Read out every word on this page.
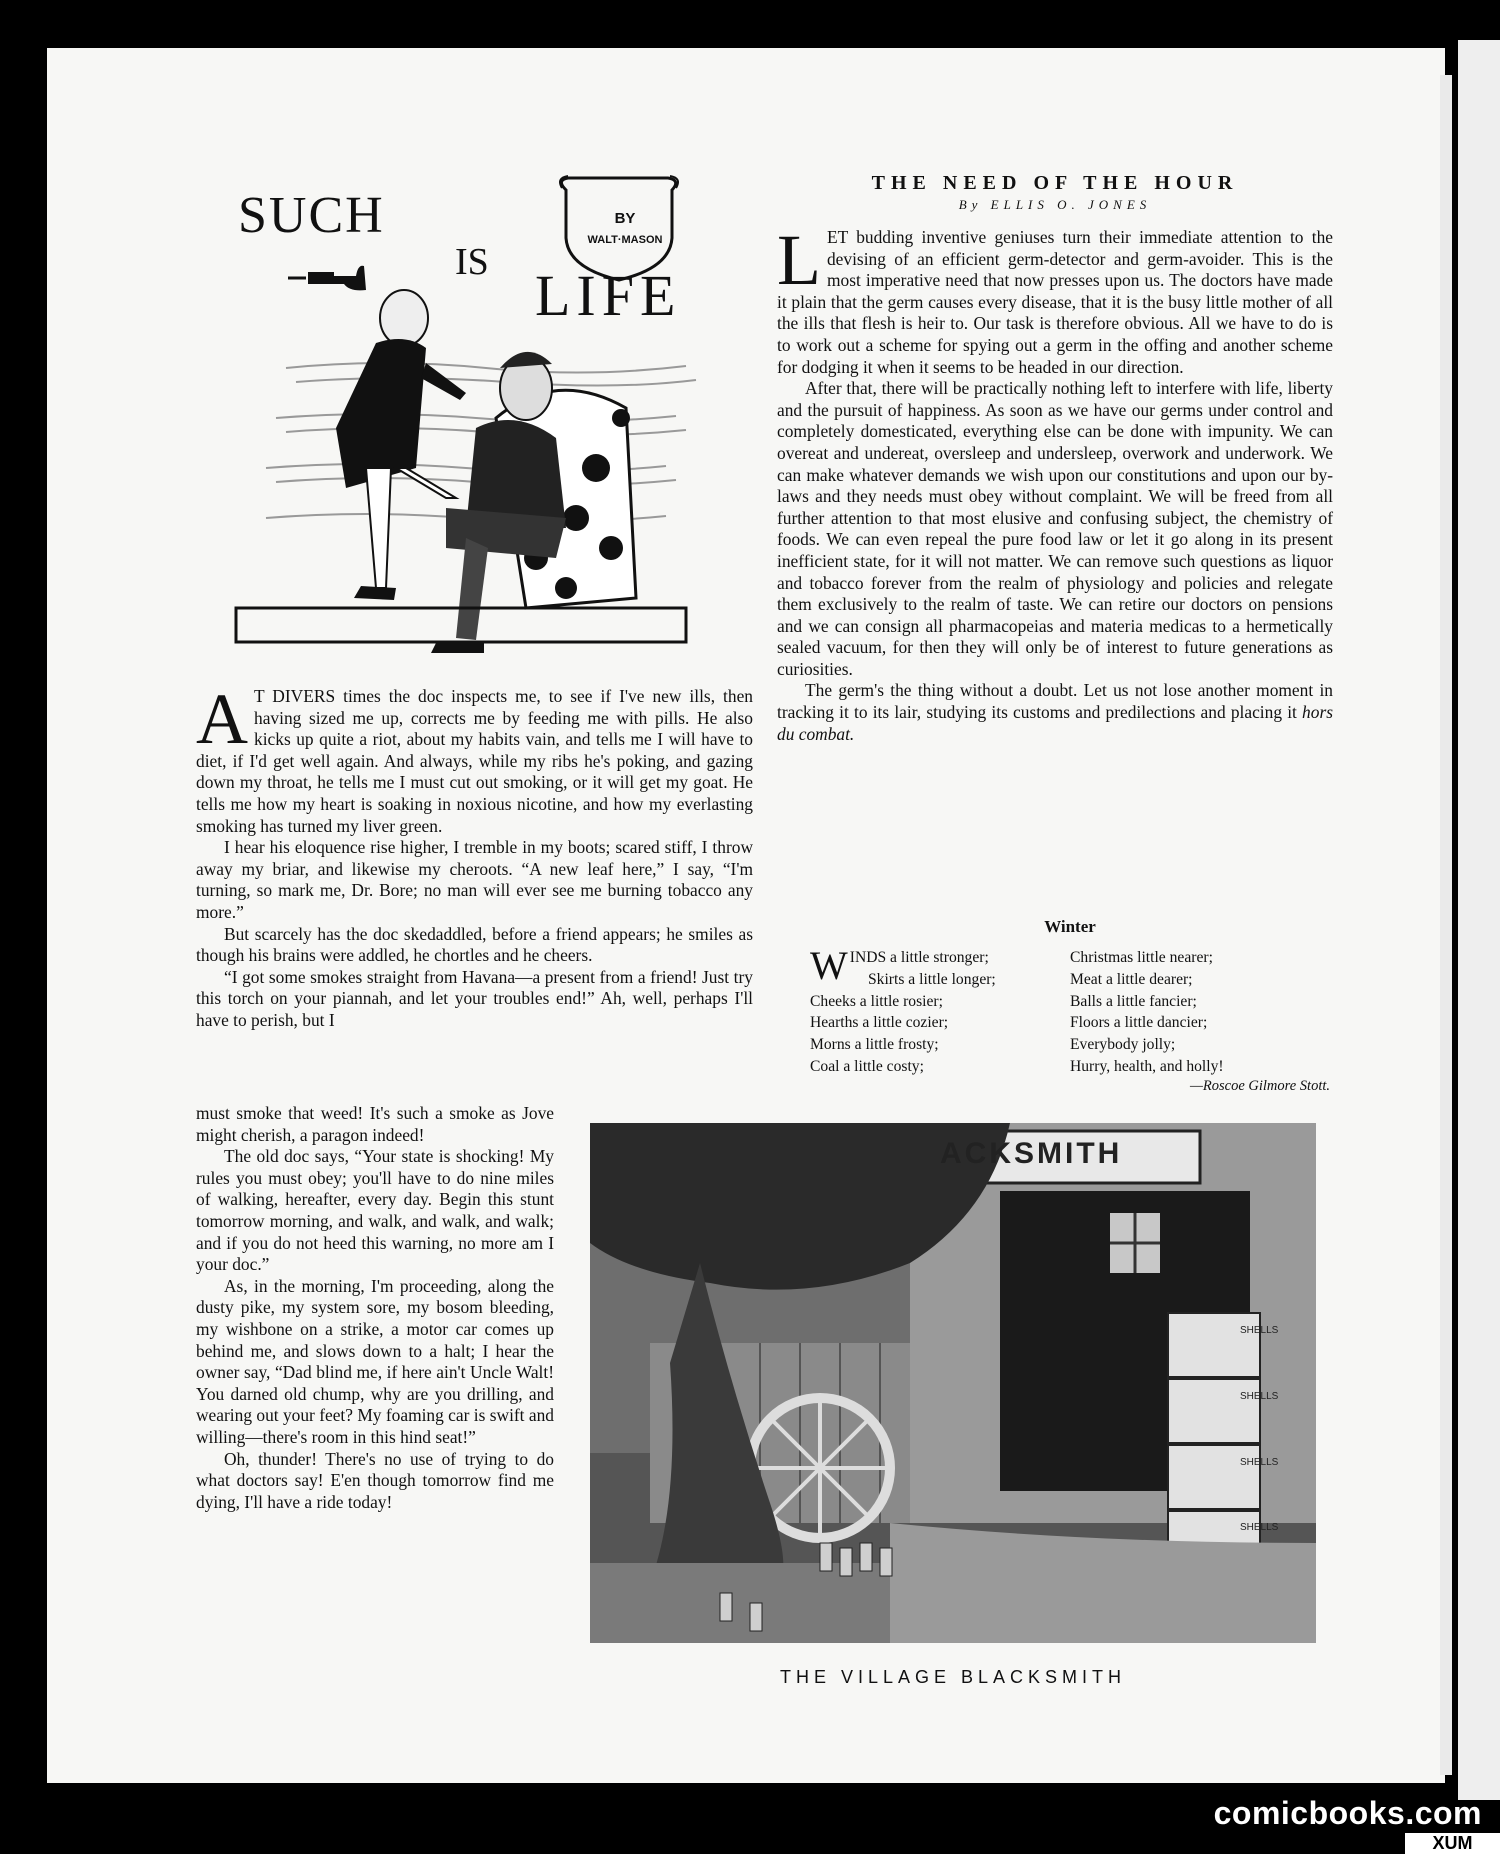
SUCH
IS
LIFE
BY
WALT·MASON

A T DIVERS times the doc inspects me, to see if I've new ills, then having sized me up, corrects me by feeding me with pills. He also kicks up quite a riot, about my habits vain, and tells me I will have to diet, if I'd get well again. And always, while my ribs he's poking, and gazing down my throat, he tells me I must cut out smoking, or it will get my goat. He tells me how my heart is soaking in noxious nicotine, and how my everlasting smoking has turned my liver green.

I hear his eloquence rise higher, I tremble in my boots; scared stiff, I throw away my briar, and likewise my cheroots. “A new leaf here,” I say, “I'm turning, so mark me, Dr. Bore; no man will ever see me burning tobacco any more.”

But scarcely has the doc skedaddled, before a friend appears; he smiles as though his brains were addled, he chortles and he cheers.

“I got some smokes straight from Havana—a present from a friend! Just try this torch on your piannah, and let your troubles end!” Ah, well, perhaps I'll have to perish, but I

must smoke that weed! It's such a smoke as Jove might cherish, a paragon indeed!

The old doc says, “Your state is shocking! My rules you must obey; you'll have to do nine miles of walking, hereafter, every day. Begin this stunt tomorrow morning, and walk, and walk, and walk; and if you do not heed this warning, no more am I your doc.”

As, in the morning, I'm proceeding, along the dusty pike, my system sore, my bosom bleeding, my wishbone on a strike, a motor car comes up behind me, and slows down to a halt; I hear the owner say, “Dad blind me, if here ain't Uncle Walt! You darned old chump, why are you drilling, and wearing out your feet? My foaming car is swift and willing—there's room in this hind seat!”

Oh, thunder! There's no use of trying to do what doctors say! E'en though tomorrow find me dying, I'll have a ride today!

THE NEED OF THE HOUR
By ELLIS O. JONES

LET budding inventive geniuses turn their immediate attention to the devising of an efficient germ-detector and germ-avoider. This is the most imperative need that now presses upon us. The doctors have made it plain that the germ causes every disease, that it is the busy little mother of all the ills that flesh is heir to. Our task is therefore obvious. All we have to do is to work out a scheme for spying out a germ in the offing and another scheme for dodging it when it seems to be headed in our direction.

After that, there will be practically nothing left to interfere with life, liberty and the pursuit of happiness. As soon as we have our germs under control and completely domesticated, everything else can be done with impunity. We can overeat and undereat, oversleep and undersleep, overwork and underwork. We can make whatever demands we wish upon our constitutions and upon our by-laws and they needs must obey without complaint. We will be freed from all further attention to that most elusive and confusing subject, the chemistry of foods. We can even repeal the pure food law or let it go along in its present inefficient state, for it will not matter. We can remove such questions as liquor and tobacco forever from the realm of physiology and policies and relegate them exclusively to the realm of taste. We can retire our doctors on pensions and we can consign all pharmacopeias and materia medicas to a hermetically sealed vacuum, for then they will only be of interest to future generations as curiosities.

The germ's the thing without a doubt. Let us not lose another moment in tracking it to its lair, studying its customs and predilections and placing it hors du combat.

Winter
WINDS a little stronger;
Skirts a little longer;
Cheeks a little rosier;
Hearths a little cozier;
Morns a little frosty;
Coal a little costy;
Christmas little nearer;
Meat a little dearer;
Balls a little fancier;
Floors a little dancier;
Everybody jolly;
Hurry, health, and holly!
—Roscoe Gilmore Stott.
ACKSMITH
SHELLS
SHELLS
SHELLS
SHELLS
THE VILLAGE BLACKSMITH
comicbooks.com
XUM
